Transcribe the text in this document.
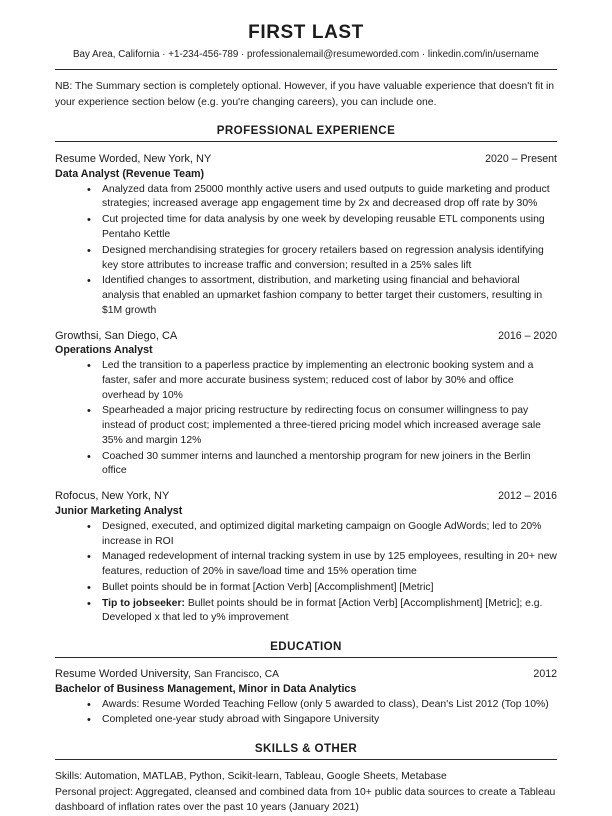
FIRST LAST
Bay Area, California · +1-234-456-789 · professionalemail@resumeworded.com · linkedin.com/in/username

NB: The Summary section is completely optional. However, if you have valuable experience that doesn't fit in your experience section below (e.g. you're changing careers), you can include one.

PROFESSIONAL EXPERIENCE
Resume Worded, New York, NY	2020 – Present
Data Analyst (Revenue Team)
• Analyzed data from 25000 monthly active users and used outputs to guide marketing and product strategies; increased average app engagement time by 2x and decreased drop off rate by 30%
• Cut projected time for data analysis by one week by developing reusable ETL components using Pentaho Kettle
• Designed merchandising strategies for grocery retailers based on regression analysis identifying key store attributes to increase traffic and conversion; resulted in a 25% sales lift
• Identified changes to assortment, distribution, and marketing using financial and behavioral analysis that enabled an upmarket fashion company to better target their customers, resulting in $1M growth
Growthsi, San Diego, CA	2016 – 2020
Operations Analyst
• Led the transition to a paperless practice by implementing an electronic booking system and a faster, safer and more accurate business system; reduced cost of labor by 30% and office overhead by 10%
• Spearheaded a major pricing restructure by redirecting focus on consumer willingness to pay instead of product cost; implemented a three-tiered pricing model which increased average sale 35% and margin 12%
• Coached 30 summer interns and launched a mentorship program for new joiners in the Berlin office
Rofocus, New York, NY	2012 – 2016
Junior Marketing Analyst
• Designed, executed, and optimized digital marketing campaign on Google AdWords; led to 20% increase in ROI
• Managed redevelopment of internal tracking system in use by 125 employees, resulting in 20+ new features, reduction of 20% in save/load time and 15% operation time
• Bullet points should be in format [Action Verb] [Accomplishment] [Metric]
• Tip to jobseeker: Bullet points should be in format [Action Verb] [Accomplishment] [Metric]; e.g. Developed x that led to y% improvement
EDUCATION
Resume Worded University, San Francisco, CA	2012
Bachelor of Business Management, Minor in Data Analytics
• Awards: Resume Worded Teaching Fellow (only 5 awarded to class), Dean's List 2012 (Top 10%)
• Completed one-year study abroad with Singapore University
SKILLS & OTHER

Skills: Automation, MATLAB, Python, Scikit-learn, Tableau, Google Sheets, Metabase

Personal project: Aggregated, cleansed and combined data from 10+ public data sources to create a Tableau dashboard of inflation rates over the past 10 years (January 2021)
